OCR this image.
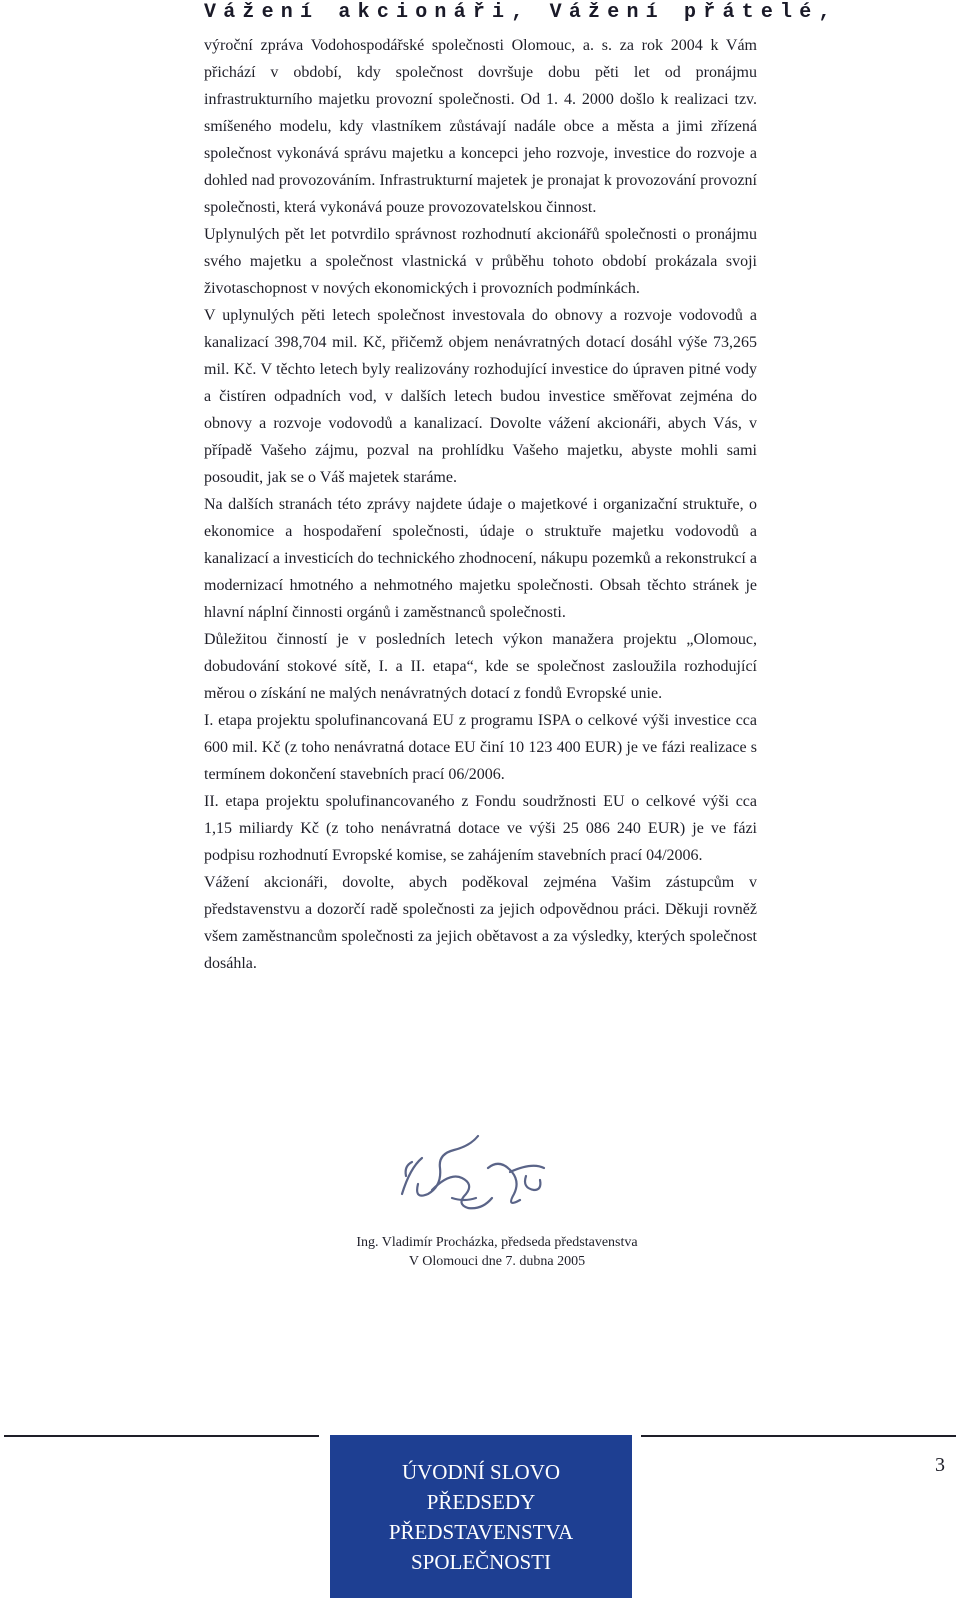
Vážení akcionáři, Vážení přátelé,

výroční zpráva Vodohospodářské společnosti Olomouc, a. s. za rok 2004 k Vám přichází v období, kdy společnost dovršuje dobu pěti let od pronájmu infrastrukturního majetku provozní společnosti. Od 1. 4. 2000 došlo k realizaci tzv. smíšeného modelu, kdy vlastníkem zůstávají nadále obce a města a jimi zřízená společnost vykonává správu majetku a koncepci jeho rozvoje, investice do rozvoje a dohled nad provozováním. Infrastrukturní majetek je pronajat k provozování provozní společnosti, která vykonává pouze provozovatelskou činnost.

Uplynulých pět let potvrdilo správnost rozhodnutí akcionářů společnosti o pronájmu svého majetku a společnost vlastnická v průběhu tohoto období prokázala svoji životaschopnost v nových ekonomických i provozních podmínkách.

V uplynulých pěti letech společnost investovala do obnovy a rozvoje vodovodů a kanalizací 398,704 mil. Kč, přičemž objem nenávratných dotací dosáhl výše 73,265 mil. Kč. V těchto letech byly realizovány rozhodující investice do úpraven pitné vody a čistíren odpadních vod, v dalších letech budou investice směřovat zejména do obnovy a rozvoje vodovodů a kanalizací. Dovolte vážení akcionáři, abych Vás, v případě Vašeho zájmu, pozval na prohlídku Vašeho majetku, abyste mohli sami posoudit, jak se o Váš majetek staráme.

Na dalších stranách této zprávy najdete údaje o majetkové i organizační struktuře, o ekonomice a hospodaření společnosti, údaje o struktuře majetku vodovodů a kanalizací a investicích do technického zhodnocení, nákupu pozemků a rekonstrukcí a modernizací hmotného a nehmotného majetku společnosti. Obsah těchto stránek je hlavní náplní činnosti orgánů i zaměstnanců společnosti.

Důležitou činností je v posledních letech výkon manažera projektu „Olomouc, dobudování stokové sítě, I. a II. etapa“, kde se společnost zasloužila rozhodující měrou o získání ne malých nenávratných dotací z fondů Evropské unie.

I. etapa projektu spolufinancovaná EU z programu ISPA o celkové výši investice cca 600 mil. Kč (z toho nenávratná dotace EU činí 10 123 400 EUR) je ve fázi realizace s termínem dokončení stavebních prací 06/2006.

II. etapa projektu spolufinancovaného z Fondu soudržnosti EU o celkové výši cca 1,15 miliardy Kč (z toho nenávratná dotace ve výši 25 086 240 EUR) je ve fázi podpisu rozhodnutí Evropské komise, se zahájením stavebních prací 04/2006.

Vážení akcionáři, dovolte, abych poděkoval zejména Vašim zástupcům v představenstvu a dozorčí radě společnosti za jejich odpovědnou práci. Děkuji rovněž všem zaměstnancům společnosti za jejich obětavost a za výsledky, kterých společnost dosáhla.

Ing. Vladimír Procházka, předseda představenstva
V Olomouci dne 7. dubna 2005
ÚVODNÍ SLOVO
PŘEDSEDY
PŘEDSTAVENSTVA
SPOLEČNOSTI
3
